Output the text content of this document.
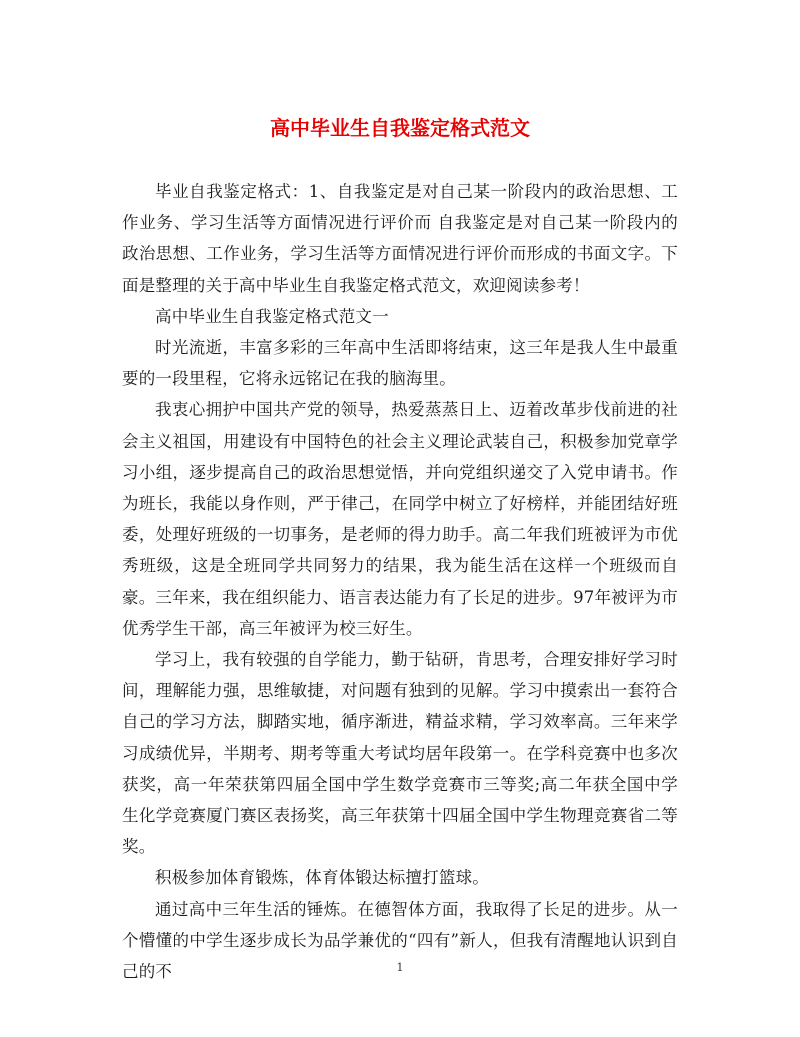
高中毕业生自我鉴定格式范文

毕业自我鉴定格式：1、自我鉴定是对自己某一阶段内的政治思想、工作业务、学习生活等方面情况进行评价而 自我鉴定是对自己某一阶段内的政治思想、工作业务，学习生活等方面情况进行评价而形成的书面文字。下面是整理的关于高中毕业生自我鉴定格式范文，欢迎阅读参考！

高中毕业生自我鉴定格式范文一

时光流逝，丰富多彩的三年高中生活即将结束，这三年是我人生中最重要的一段里程，它将永远铭记在我的脑海里。

我衷心拥护中国共产党的领导，热爱蒸蒸日上、迈着改革步伐前进的社会主义祖国，用建设有中国特色的社会主义理论武装自己，积极参加党章学习小组，逐步提高自己的政治思想觉悟，并向党组织递交了入党申请书。作为班长，我能以身作则，严于律己，在同学中树立了好榜样，并能团结好班委，处理好班级的一切事务，是老师的得力助手。高二年我们班被评为市优秀班级，这是全班同学共同努力的结果，我为能生活在这样一个班级而自豪。三年来，我在组织能力、语言表达能力有了长足的进步。97年被评为市优秀学生干部，高三年被评为校三好生。

学习上，我有较强的自学能力，勤于钻研，肯思考，合理安排好学习时间，理解能力强，思维敏捷，对问题有独到的见解。学习中摸索出一套符合自己的学习方法，脚踏实地，循序渐进，精益求精，学习效率高。三年来学习成绩优异，半期考、期考等重大考试均居年段第一。在学科竞赛中也多次获奖，高一年荣获第四届全国中学生数学竞赛市三等奖;高二年获全国中学生化学竞赛厦门赛区表扬奖，高三年获第十四届全国中学生物理竞赛省二等奖。

积极参加体育锻炼，体育体锻达标擅打篮球。

通过高中三年生活的锤炼。在德智体方面，我取得了长足的进步。从一个懵懂的中学生逐步成长为品学兼优的“四有”新人，但我有清醒地认识到自己的不	1
